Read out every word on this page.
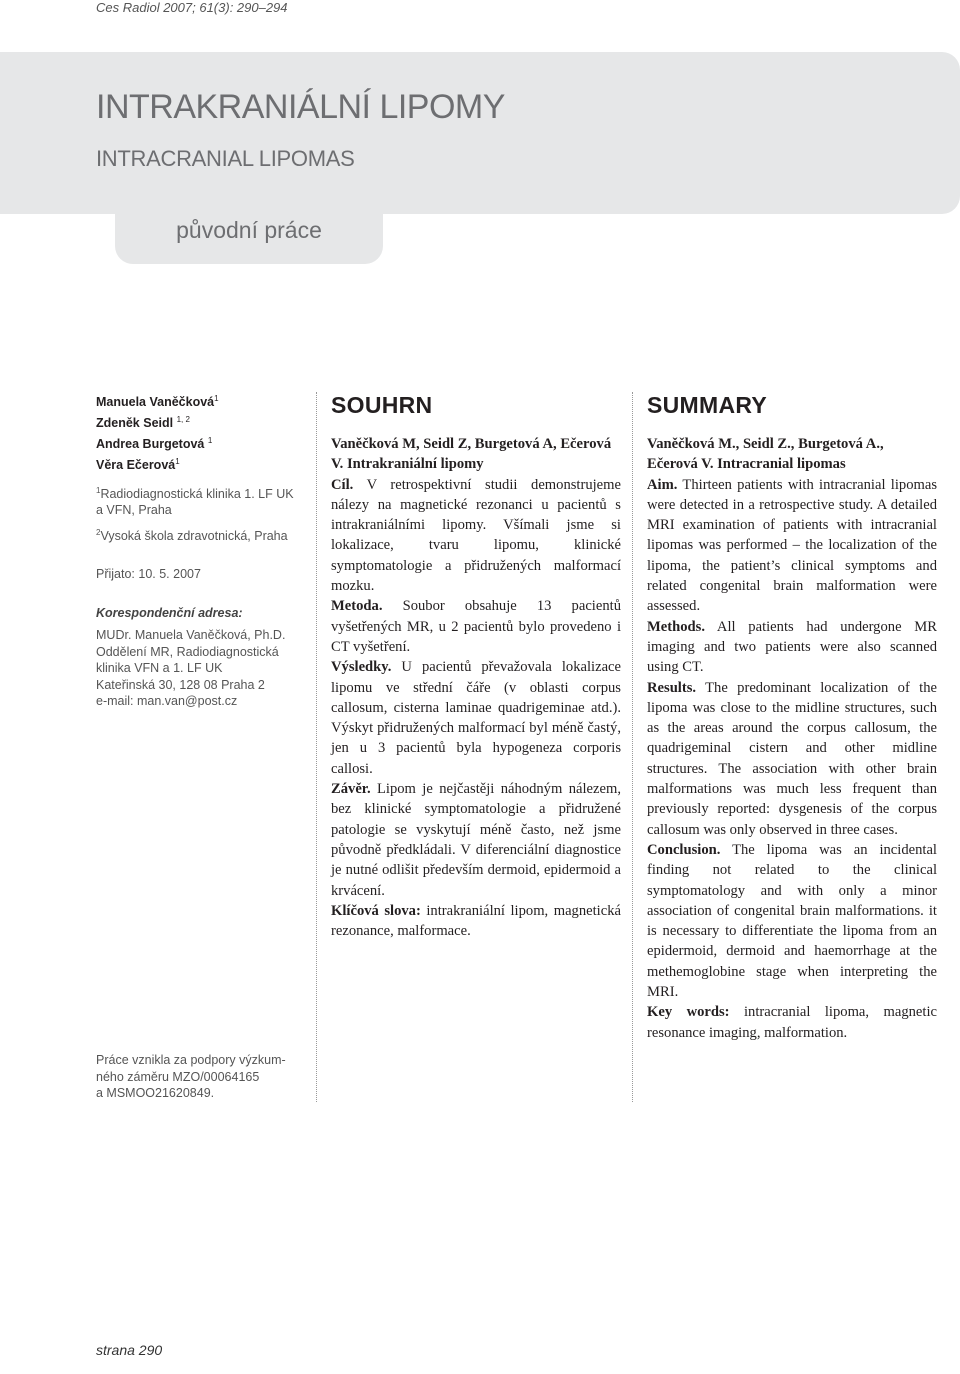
Ces Radiol 2007; 61(3): 290–294
INTRAKRANIÁLNÍ LIPOMY
INTRACRANIAL LIPOMAS
původní práce
Manuela Vaněčková$^1$
Zdeněk Seidl $^{1, 2}$
Andrea Burgetová $^1$
Věra Ečerová$^1$
$^1$Radiodiagnostická klinika 1. LF UK
a VFN, Praha
$^2$Vysoká škola zdravotnická, Praha
Přijato: 10. 5. 2007
Korespondenční adresa:
MUDr. Manuela Vaněčková, Ph.D.
Oddělení MR, Radiodiagnostická
klinika VFN a 1. LF UK
Kateřinská 30, 128 08 Praha 2
e-mail: man.van@post.cz
Práce vznikla za podpory výzkum-
ného záměru MZO/00064165
a MSMOO21620849.
SOUHRN

Vaněčková M, Seidl Z, Burgetová A, Ečerová V. Intrakraniální lipomy

Cíl. V retrospektivní studii demonstrujeme nálezy na magnetické rezonanci u pacientů s intrakraniálními lipomy. Všímali jsme si lokalizace, tvaru lipomu, klinické symptomatologie a přidružených malformací mozku.

Metoda. Soubor obsahuje 13 pacientů vyšetřených MR, u 2 pacientů bylo provedeno i CT vyšetření.

Výsledky. U pacientů převažovala lokalizace lipomu ve střední čáře (v oblasti corpus callosum, cisterna laminae quadrigeminae atd.). Výskyt přidružených malformací byl méně častý, jen u 3 pacientů byla hypogeneza corporis callosi.

Závěr. Lipom je nejčastěji náhodným nálezem, bez klinické symptomatologie a přidružené patologie se vyskytují méně často, než jsme původně předkládali. V diferenciální diagnostice je nutné odlišit především dermoid, epidermoid a krvácení.

Klíčová slova: intrakraniální lipom, magnetická rezonance, malformace.

SUMMARY

Vaněčková M., Seidl Z., Burgetová A., Ečerová V. Intracranial lipomas

Aim. Thirteen patients with intracranial lipomas were detected in a retrospective study. A detailed MRI examination of patients with intracranial lipomas was performed – the localization of the lipoma, the patient’s clinical symptoms and related congenital brain malformation were assessed.

Methods. All patients had undergone MR imaging and two patients were also scanned using CT.

Results. The predominant localization of the lipoma was close to the midline structures, such as the areas around the corpus callosum, the quadrigeminal cistern and other midline structures. The association with other brain malformations was much less frequent than previously reported: dysgenesis of the corpus callosum was only observed in three cases.

Conclusion. The lipoma was an incidental finding not related to the clinical symptomatology and with only a minor association of congenital brain malformations. it is necessary to differentiate the lipoma from an epidermoid, dermoid and haemorrhage at the methemoglobine stage when interpreting the MRI.

Key words: intracranial lipoma, magnetic resonance imaging, malformation.

strana 290
